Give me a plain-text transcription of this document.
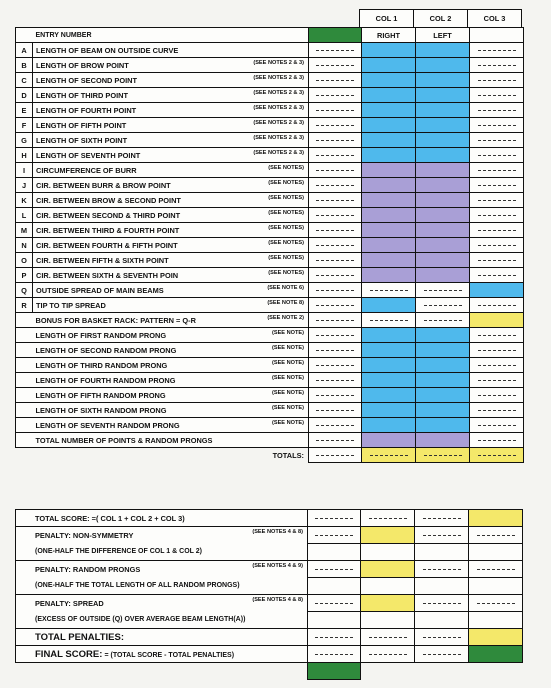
			COL 1	COL 2	COL 3
	ENTRY NUMBER		RIGHT	LEFT	
A	LENGTH OF BEAM ON OUTSIDE CURVE

B	LENGTH OF BROW POINT (SEE NOTES 2 & 3)				

C	LENGTH OF SECOND POINT (SEE NOTES 2 & 3)				

D	LENGTH OF THIRD POINT (SEE NOTES 2 & 3)				

E	LENGTH OF FOURTH POINT (SEE NOTES 2 & 3)				

F	LENGTH OF FIFTH POINT (SEE NOTES 2 & 3)				

G	LENGTH OF SIXTH POINT (SEE NOTES 2 & 3)				

H	LENGTH OF SEVENTH POINT (SEE NOTES 2 & 3)				

I	CIRCUMFERENCE OF BURR (SEE NOTES)				

J	CIR. BETWEEN BURR & BROW POINT (SEE NOTES)				

K	CIR. BETWEEN BROW & SECOND POINT (SEE NOTES)				

L	CIR. BETWEEN SECOND & THIRD POINT (SEE NOTES)				

M	CIR. BETWEEN THIRD & FOURTH POINT (SEE NOTES)				

N	CIR. BETWEEN FOURTH & FIFTH POINT (SEE NOTES)				

O	CIR. BETWEEN FIFTH & SIXTH POINT (SEE NOTES)				

P	CIR. BETWEEN SIXTH & SEVENTH POIN (SEE NOTES)				

Q	OUTSIDE SPREAD OF MAIN BEAMS (SEE NOTE 6)				

R	TIP TO TIP SPREAD (SEE NOTE 8)				

	BONUS FOR BASKET RACK: PATTERN = Q-R (SEE NOTE 2)				

	LENGTH OF FIRST RANDOM PRONG (SEE NOTE)				

	LENGTH OF SECOND RANDOM PRONG (SEE NOTE)				

	LENGTH OF THIRD RANDOM PRONG (SEE NOTE)				

	LENGTH OF FOURTH RANDOM PRONG (SEE NOTE)				

	LENGTH OF FIFTH RANDOM PRONG (SEE NOTE)				

	LENGTH OF SIXTH RANDOM PRONG (SEE NOTE)				

	LENGTH OF SEVENTH RANDOM PRONG (SEE NOTE)				

	TOTAL NUMBER OF POINTS & RANDOM PRONGS

	TOTALS:				
	TOTAL SCORE: =( COL 1 + COL 2 + COL 3)				
	PENALTY: NON-SYMMETRY (SEE NOTES 4 & 8)				

	(ONE-HALF THE DIFFERENCE OF COL 1 & COL 2)				
	PENALTY: RANDOM PRONGS (SEE NOTES 4 & 9)				

	(ONE-HALF THE TOTAL LENGTH OF ALL RANDOM PRONGS)				
	PENALTY: SPREAD (SEE NOTES 4 & 8)				

	(EXCESS OF OUTSIDE (Q) OVER AVERAGE BEAM LENGTH(A))				
	TOTAL PENALTIES:				
	FINAL SCORE: = (TOTAL SCORE - TOTAL PENALTIES)				
